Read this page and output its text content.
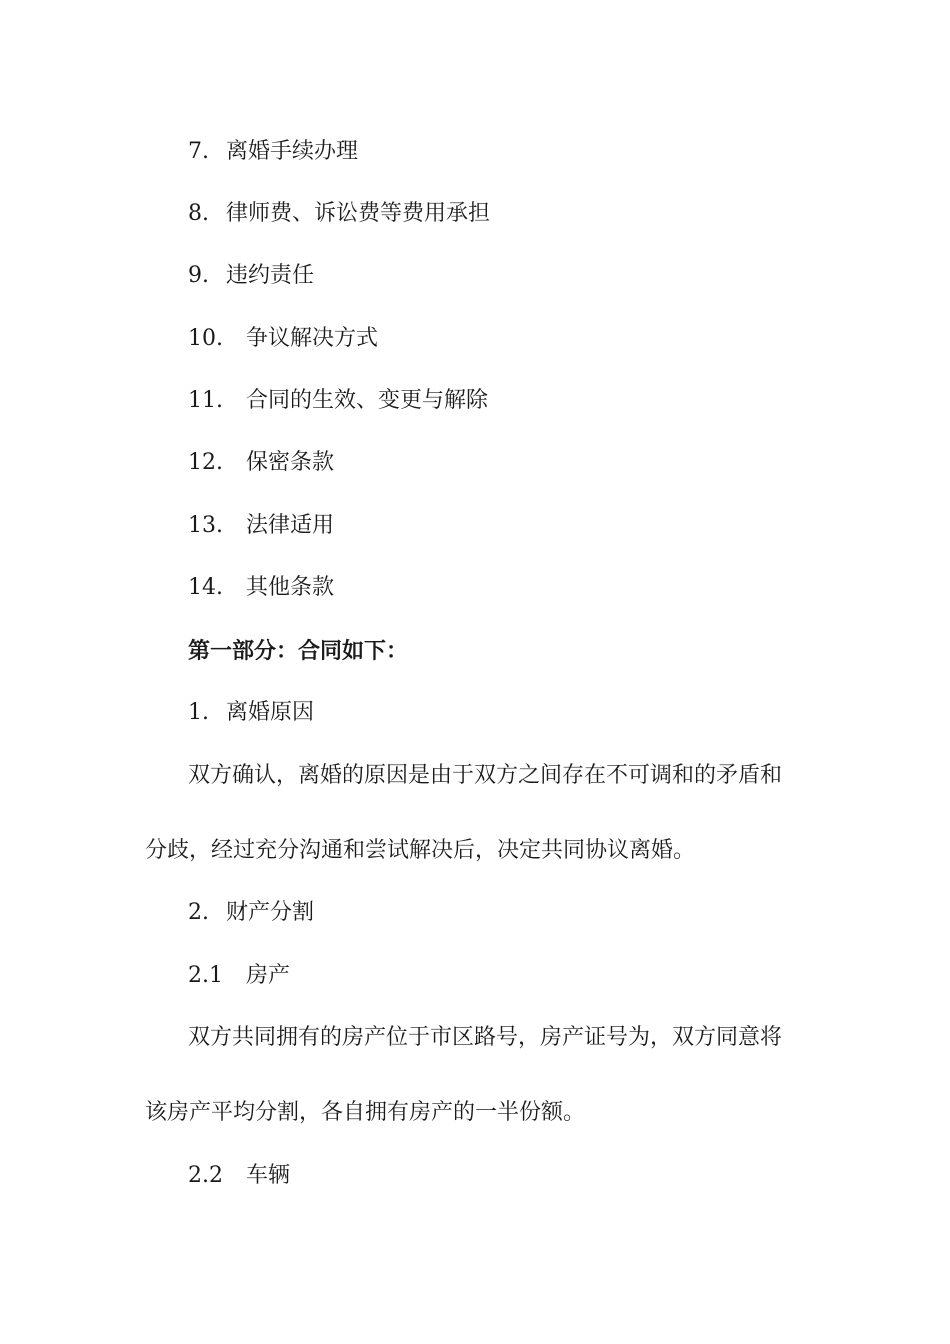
7. 离婚手续办理
8. 律师费、诉讼费等费用承担
9. 违约责任
10. 争议解决方式
11. 合同的生效、变更与解除
12. 保密条款
13. 法律适用
14. 其他条款
第一部分：合同如下：
1. 离婚原因
双方确认，离婚的原因是由于双方之间存在不可调和的矛盾和
分歧，经过充分沟通和尝试解决后，决定共同协议离婚。
2. 财产分割
2.1 房产
双方共同拥有的房产位于市区路号，房产证号为，双方同意将
该房产平均分割，各自拥有房产的一半份额。
2.2 车辆
